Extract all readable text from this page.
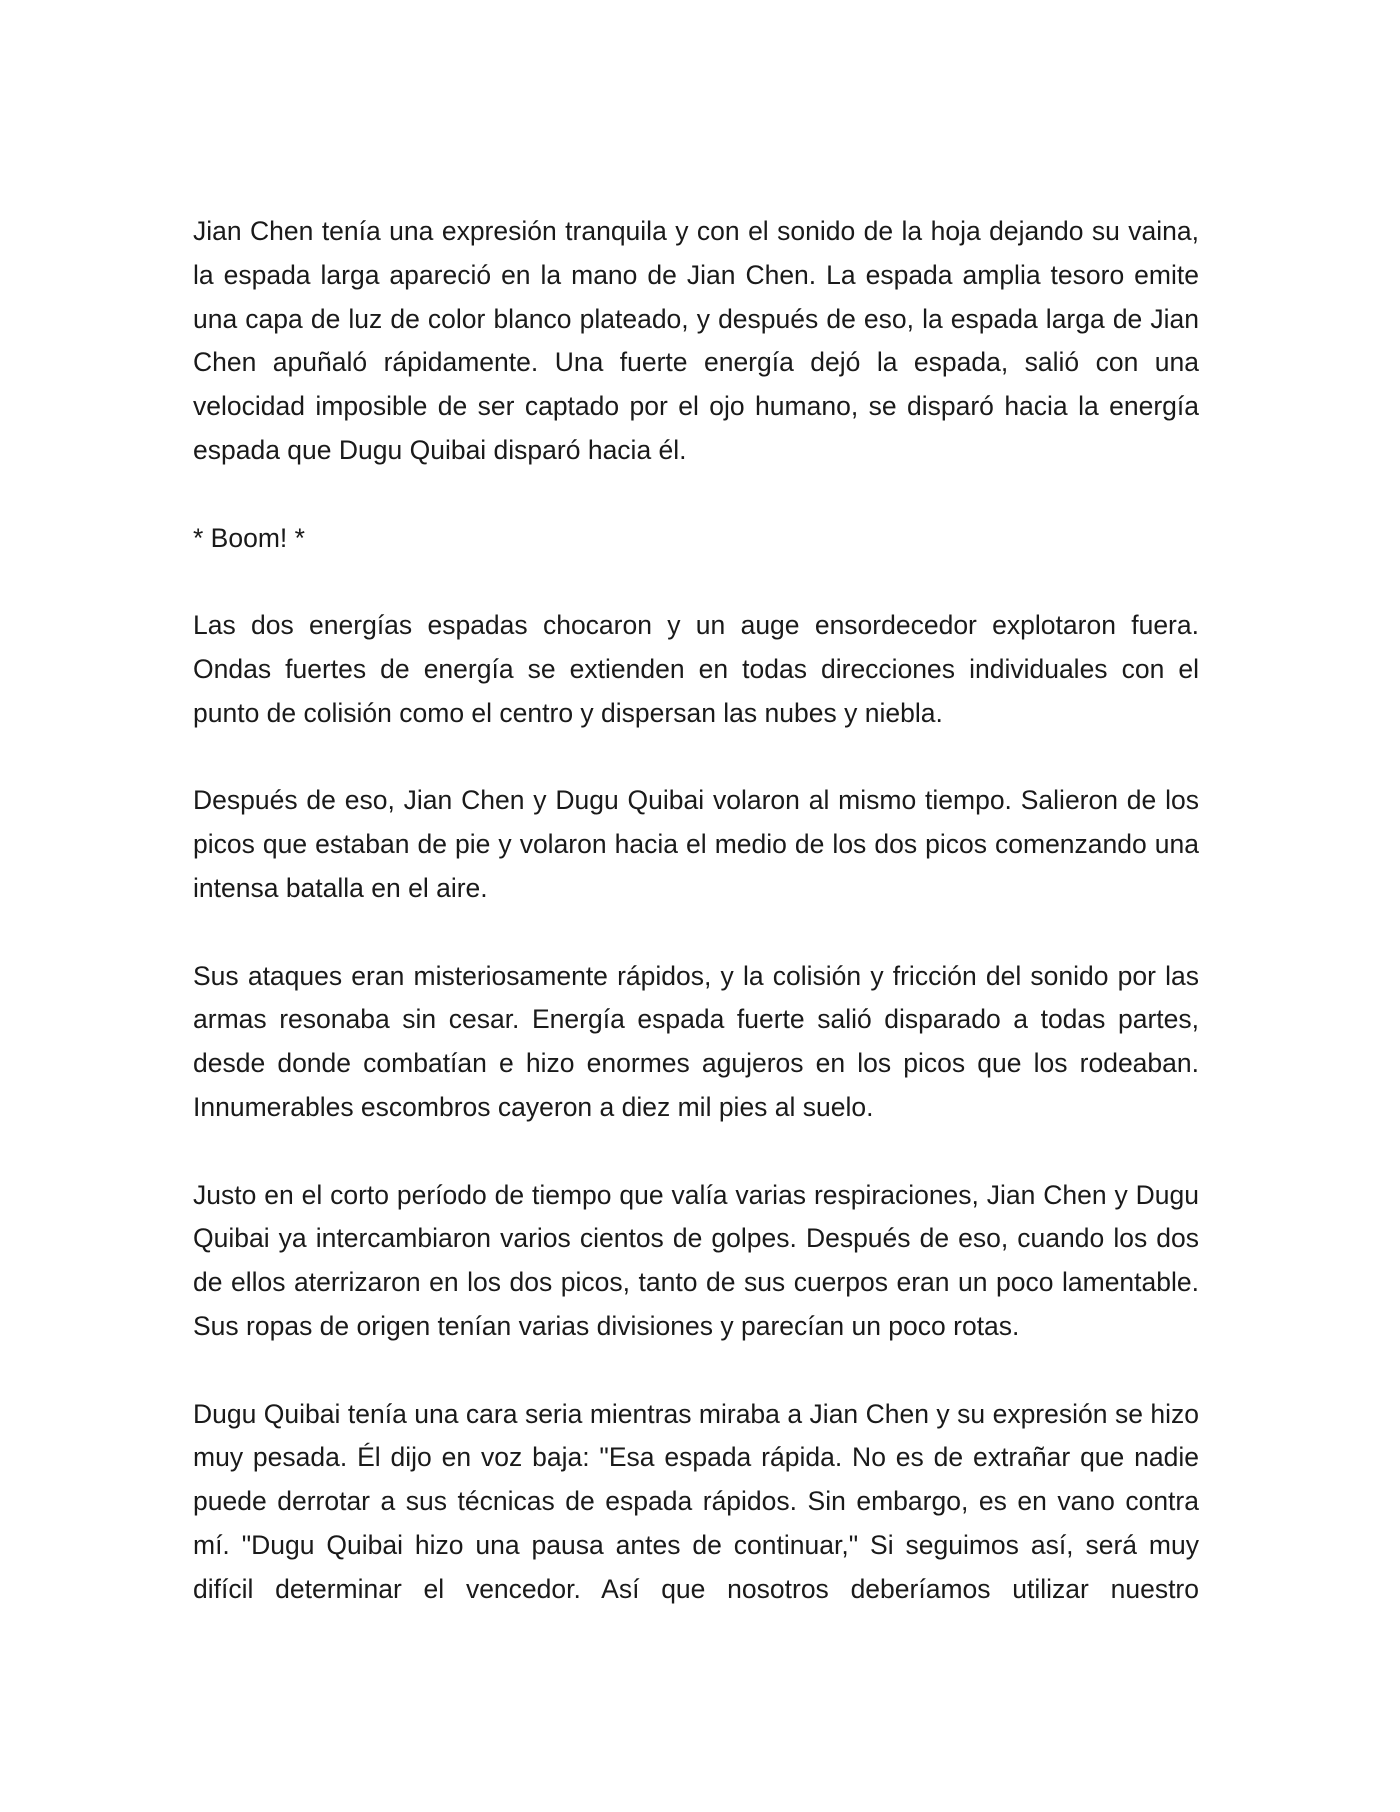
Jian Chen tenía una expresión tranquila y con el sonido de la hoja dejando su vaina, la espada larga apareció en la mano de Jian Chen. La espada amplia tesoro emite una capa de luz de color blanco plateado, y después de eso, la espada larga de Jian Chen apuñaló rápidamente. Una fuerte energía dejó la espada, salió con una velocidad imposible de ser captado por el ojo humano, se disparó hacia la energía espada que Dugu Quibai disparó hacia él.

* Boom! *

Las dos energías espadas chocaron y un auge ensordecedor explotaron fuera. Ondas fuertes de energía se extienden en todas direcciones individuales con el punto de colisión como el centro y dispersan las nubes y niebla.

Después de eso, Jian Chen y Dugu Quibai volaron al mismo tiempo. Salieron de los picos que estaban de pie y volaron hacia el medio de los dos picos comenzando una intensa batalla en el aire.

Sus ataques eran misteriosamente rápidos, y la colisión y fricción del sonido por las armas resonaba sin cesar. Energía espada fuerte salió disparado a todas partes, desde donde combatían e hizo enormes agujeros en los picos que los rodeaban. Innumerables escombros cayeron a diez mil pies al suelo.

Justo en el corto período de tiempo que valía varias respiraciones, Jian Chen y Dugu Quibai ya intercambiaron varios cientos de golpes. Después de eso, cuando los dos de ellos aterrizaron en los dos picos, tanto de sus cuerpos eran un poco lamentable. Sus ropas de origen tenían varias divisiones y parecían un poco rotas.

Dugu Quibai tenía una cara seria mientras miraba a Jian Chen y su expresión se hizo muy pesada. Él dijo en voz baja: "Esa espada rápida. No es de extrañar que nadie puede derrotar a sus técnicas de espada rápidos. Sin embargo, es en vano contra mí. "Dugu Quibai hizo una pausa antes de continuar," Si seguimos así, será muy difícil determinar el vencedor. Así que nosotros deberíamos utilizar nuestro
